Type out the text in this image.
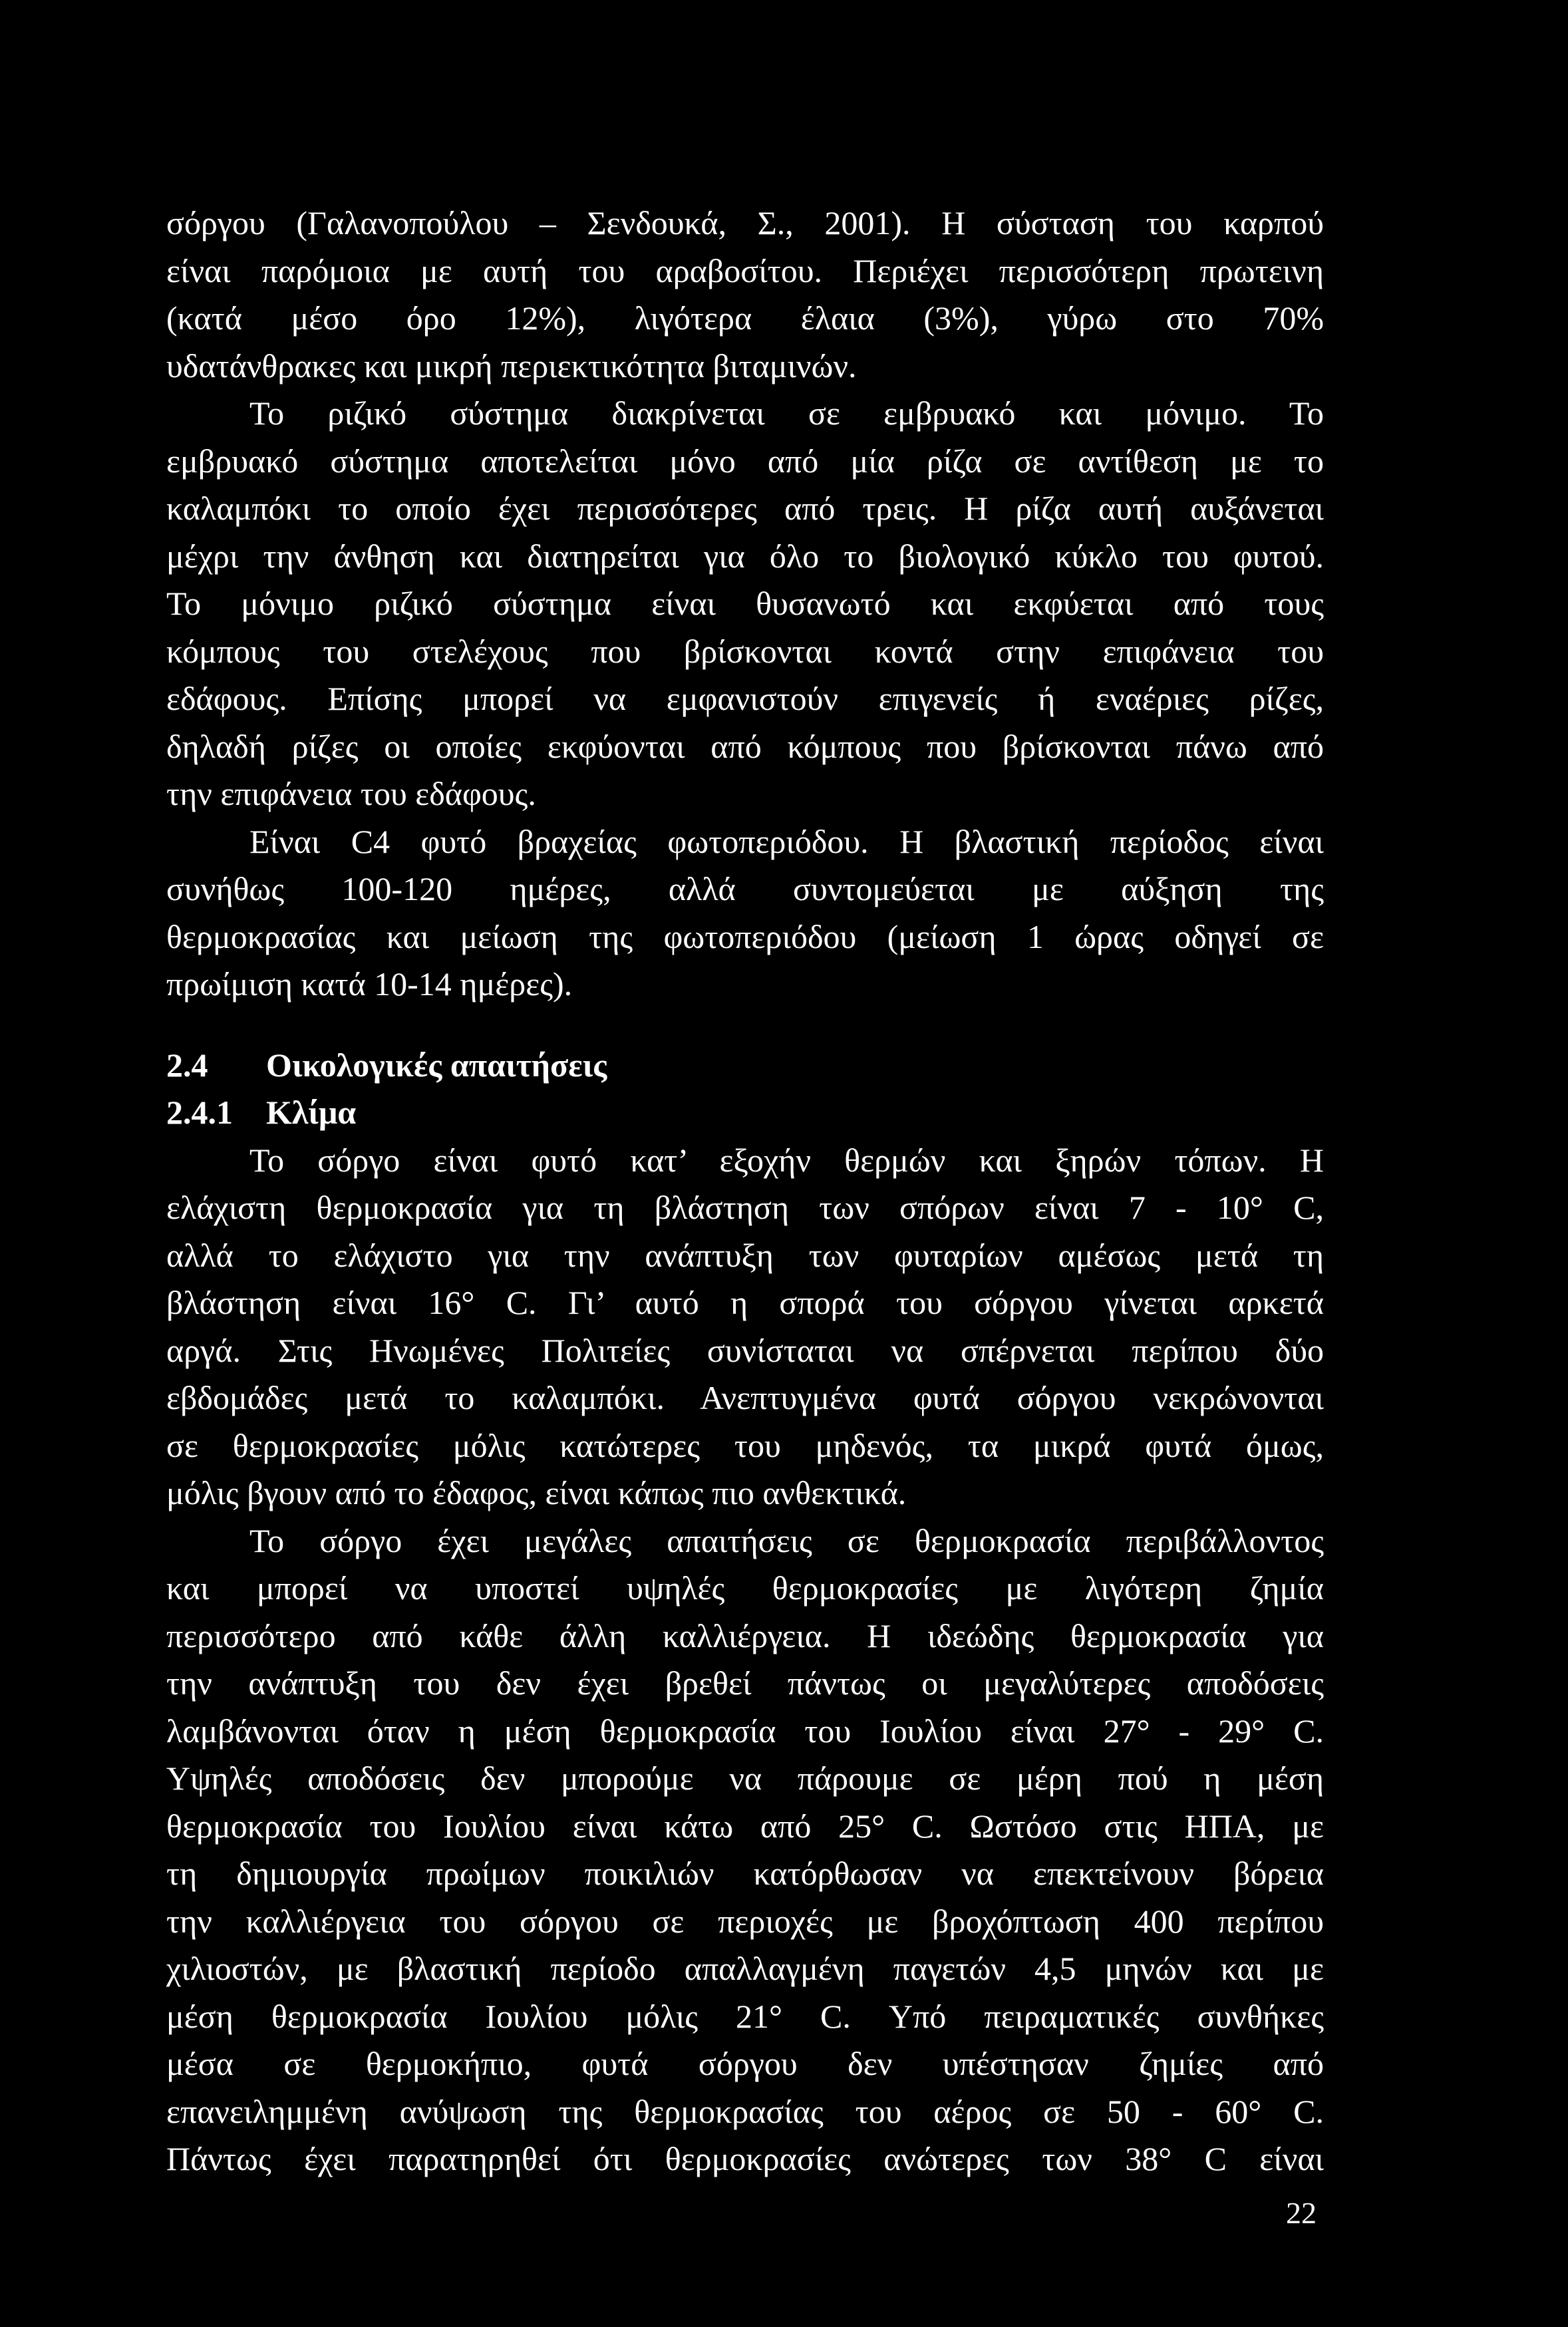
σόργου (Γαλανοπούλου – Σενδουκά, Σ., 2001). Η σύσταση του καρπού
είναι παρόμοια με αυτή του αραβοσίτου. Περιέχει περισσότερη πρωτεινη
(κατά μέσο όρο 12%), λιγότερα έλαια (3%), γύρω στο 70%
υδατάνθρακες και μικρή περιεκτικότητα βιταμινών.
Το ριζικό σύστημα διακρίνεται σε εμβρυακό και μόνιμο. Το
εμβρυακό σύστημα αποτελείται μόνο από μία ρίζα σε αντίθεση με το
καλαμπόκι το οποίο έχει περισσότερες από τρεις. Η ρίζα αυτή αυξάνεται
μέχρι την άνθηση και διατηρείται για όλο το βιολογικό κύκλο του φυτού.
Το μόνιμο ριζικό σύστημα είναι θυσανωτό και εκφύεται από τους
κόμπους του στελέχους που βρίσκονται κοντά στην επιφάνεια του
εδάφους. Επίσης μπορεί να εμφανιστούν επιγενείς ή εναέριες ρίζες,
δηλαδή ρίζες οι οποίες εκφύονται από κόμπους που βρίσκονται πάνω από
την επιφάνεια του εδάφους.
Είναι C4 φυτό βραχείας φωτοπεριόδου. Η βλαστική περίοδος είναι
συνήθως 100-120 ημέρες, αλλά συντομεύεται με αύξηση της
θερμοκρασίας και μείωση της φωτοπεριόδου (μείωση 1 ώρας οδηγεί σε
πρωίμιση κατά 10-14 ημέρες).
2.4 Οικολογικές απαιτήσεις
2.4.1 Κλίμα
Το σόργο είναι φυτό κατ’ εξοχήν θερμών και ξηρών τόπων. Η
ελάχιστη θερμοκρασία για τη βλάστηση των σπόρων είναι 7 - 10° C,
αλλά το ελάχιστο για την ανάπτυξη των φυταρίων αμέσως μετά τη
βλάστηση είναι 16° C. Γι’ αυτό η σπορά του σόργου γίνεται αρκετά
αργά. Στις Ηνωμένες Πολιτείες συνίσταται να σπέρνεται περίπου δύο
εβδομάδες μετά το καλαμπόκι. Ανεπτυγμένα φυτά σόργου νεκρώνονται
σε θερμοκρασίες μόλις κατώτερες του μηδενός, τα μικρά φυτά όμως,
μόλις βγουν από το έδαφος, είναι κάπως πιο ανθεκτικά.
Το σόργο έχει μεγάλες απαιτήσεις σε θερμοκρασία περιβάλλοντος
και μπορεί να υποστεί υψηλές θερμοκρασίες με λιγότερη ζημία
περισσότερο από κάθε άλλη καλλιέργεια. Η ιδεώδης θερμοκρασία για
την ανάπτυξη του δεν έχει βρεθεί πάντως οι μεγαλύτερες αποδόσεις
λαμβάνονται όταν η μέση θερμοκρασία του Ιουλίου είναι 27° - 29° C.
Υψηλές αποδόσεις δεν μπορούμε να πάρουμε σε μέρη πού η μέση
θερμοκρασία του Ιουλίου είναι κάτω από 25° C. Ωστόσο στις ΗΠΑ, με
τη δημιουργία πρωίμων ποικιλιών κατόρθωσαν να επεκτείνουν βόρεια
την καλλιέργεια του σόργου σε περιοχές με βροχόπτωση 400 περίπου
χιλιοστών, με βλαστική περίοδο απαλλαγμένη παγετών 4,5 μηνών και με
μέση θερμοκρασία Ιουλίου μόλις 21° C. Υπό πειραματικές συνθήκες
μέσα σε θερμοκήπιο, φυτά σόργου δεν υπέστησαν ζημίες από
επανειλημμένη ανύψωση της θερμοκρασίας του αέρος σε 50 - 60° C.
Πάντως έχει παρατηρηθεί ότι θερμοκρασίες ανώτερες των 38° C είναι
22
